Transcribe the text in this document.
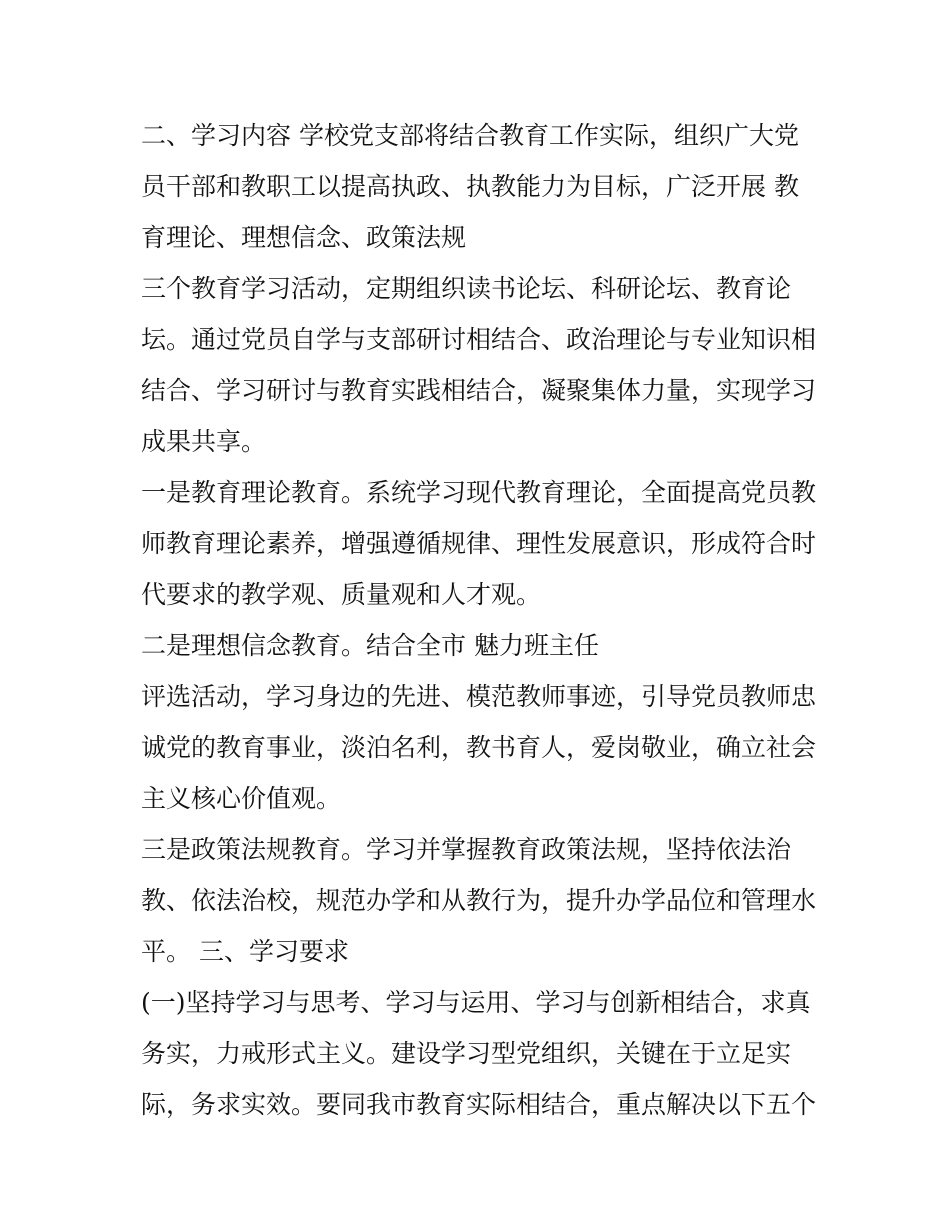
二、学习内容 学校党支部将结合教育工作实际，组织广大党
员干部和教职工以提高执政、执教能力为目标，广泛开展 教
育理论、理想信念、政策法规
三个教育学习活动，定期组织读书论坛、科研论坛、教育论
坛。通过党员自学与支部研讨相结合、政治理论与专业知识相
结合、学习研讨与教育实践相结合，凝聚集体力量，实现学习
成果共享。
一是教育理论教育。系统学习现代教育理论，全面提高党员教
师教育理论素养，增强遵循规律、理性发展意识，形成符合时
代要求的教学观、质量观和人才观。
二是理想信念教育。结合全市 魅力班主任
评选活动，学习身边的先进、模范教师事迹，引导党员教师忠
诚党的教育事业，淡泊名利，教书育人，爱岗敬业，确立社会
主义核心价值观。
三是政策法规教育。学习并掌握教育政策法规，坚持依法治
教、依法治校，规范办学和从教行为，提升办学品位和管理水
平。 三、学习要求
(一)坚持学习与思考、学习与运用、学习与创新相结合，求真
务实，力戒形式主义。建设学习型党组织，关键在于立足实
际，务求实效。要同我市教育实际相结合，重点解决以下五个
